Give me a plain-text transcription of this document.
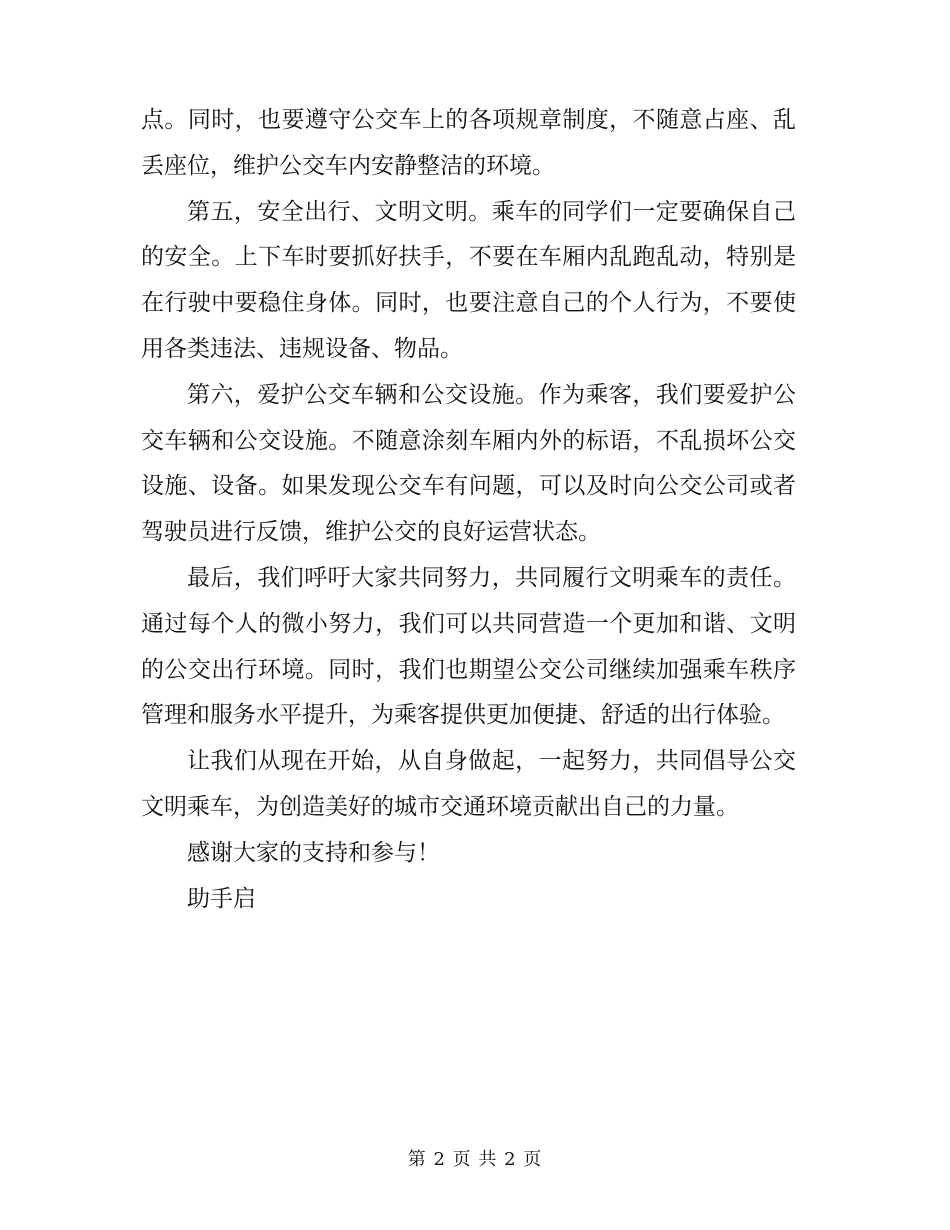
点。同时，也要遵守公交车上的各项规章制度，不随意占座、乱丢座位，维护公交车内安静整洁的环境。

第五，安全出行、文明文明。乘车的同学们一定要确保自己的安全。上下车时要抓好扶手，不要在车厢内乱跑乱动，特别是在行驶中要稳住身体。同时，也要注意自己的个人行为，不要使用各类违法、违规设备、物品。

第六，爱护公交车辆和公交设施。作为乘客，我们要爱护公交车辆和公交设施。不随意涂刻车厢内外的标语，不乱损坏公交设施、设备。如果发现公交车有问题，可以及时向公交公司或者驾驶员进行反馈，维护公交的良好运营状态。

最后，我们呼吁大家共同努力，共同履行文明乘车的责任。通过每个人的微小努力，我们可以共同营造一个更加和谐、文明的公交出行环境。同时，我们也期望公交公司继续加强乘车秩序管理和服务水平提升，为乘客提供更加便捷、舒适的出行体验。

让我们从现在开始，从自身做起，一起努力，共同倡导公交文明乘车，为创造美好的城市交通环境贡献出自己的力量。

感谢大家的支持和参与！

助手启

第 2 页 共 2 页
